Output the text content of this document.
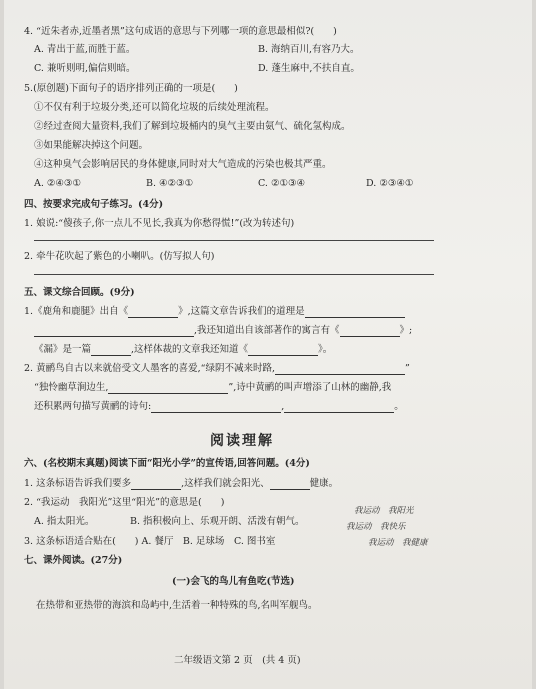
4. “近朱者赤,近墨者黑”这句成语的意思与下列哪一项的意思最相似?(　　)
A. 青出于蓝,而胜于蓝。	B. 海纳百川,有容乃大。
C. 兼听则明,偏信则暗。	D. 蓬生麻中,不扶自直。
5.(原创题)下面句子的语序排列正确的一项是(　　)
①不仅有利于垃圾分类,还可以简化垃圾的后续处理流程。
②经过查阅大量资料,我们了解到垃圾桶内的臭气主要由氨气、硫化氢构成。
③如果能解决掉这个问题。
④这种臭气会影响居民的身体健康,同时对大气造成的污染也极其严重。
A. ②④③①	B. ④②③①	C. ②①③④	D. ②③④①
四、按要求完成句子练习。(4分)
1. 娘说:“傻孩子,你一点儿不见长,我真为你愁得慌!”(改为转述句)
2. 牵牛花吹起了紫色的小喇叭。(仿写拟人句)
五、课文综合回顾。(9分)
1.《鹿角和鹿腿》出自《	》,这篇文章告诉我们的道理是
,我还知道出自该部著作的寓言有《	》;
《漏》是一篇	,这样体裁的文章我还知道《	》。
2. 黄鹂鸟自古以来就倍受文人墨客的喜爱,“绿阴不减来时路,	”
“独怜幽草涧边生,	”,诗中黄鹂的叫声增添了山林的幽静,我
还积累两句描写黄鹂的诗句:	,	。
阅读理解
六、(名校期末真题)阅读下面“阳光小学”的宣传语,回答问题。(4分)
1. 这条标语告诉我们要多	,这样我们就会阳光、	健康。
2. “我运动　我阳光”这里“阳光”的意思是(　　)
A. 指太阳光。	B. 指积极向上、乐观开朗、活泼有朝气。
3. 这条标语适合贴在(　　) A. 餐厅　B. 足球场　C. 图书室
我运动　我阳光
我运动　我快乐
我运动　我健康
七、课外阅读。(27分)
(一)会飞的鸟儿有鱼吃(节选)
在热带和亚热带的海滨和岛屿中,生活着一种特殊的鸟,名叫军舰鸟。
二年级语文第 2 页　(共 4 页)
